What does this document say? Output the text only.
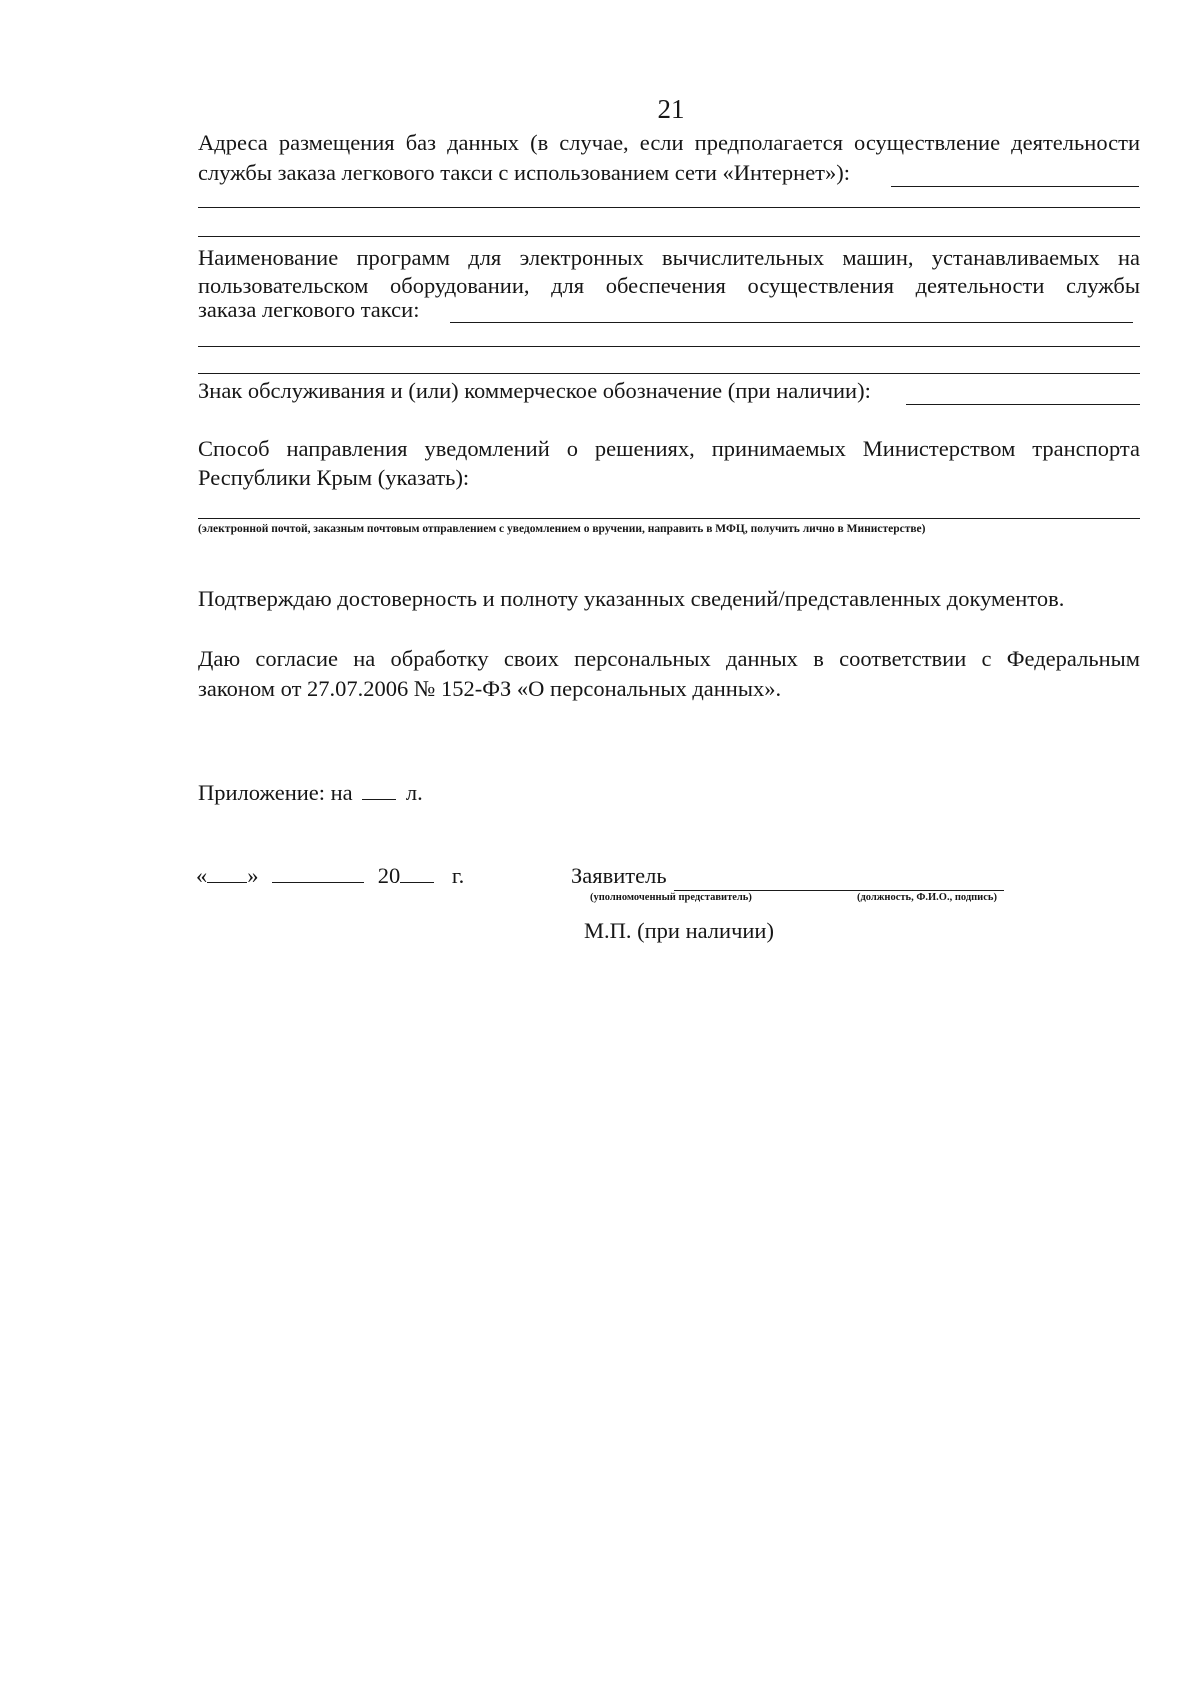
21
Адреса размещения баз данных (в случае, если предполагается осуществление деятельности
службы заказа легкового такси с использованием сети «Интернет»):
Наименование программ для электронных вычислительных машин, устанавливаемых на
пользовательском оборудовании, для обеспечения осуществления деятельности службы
заказа легкового такси:
Знак обслуживания и (или) коммерческое обозначение (при наличии):
Способ направления уведомлений о решениях, принимаемых Министерством транспорта
Республики Крым (указать):
(электронной почтой, заказным почтовым отправлением с уведомлением о вручении, направить в МФЦ, получить лично в Министерстве)
Подтверждаю достоверность и полноту указанных сведений/представленных документов.
Даю согласие на обработку своих персональных данных в соответствии с Федеральным
законом от 27.07.2006 № 152-ФЗ «О персональных данных».
Приложение: на л.
« »	20 г.	Заявитель
(уполномоченный представитель)	(должность, Ф.И.О., подпись)
М.П. (при наличии)
